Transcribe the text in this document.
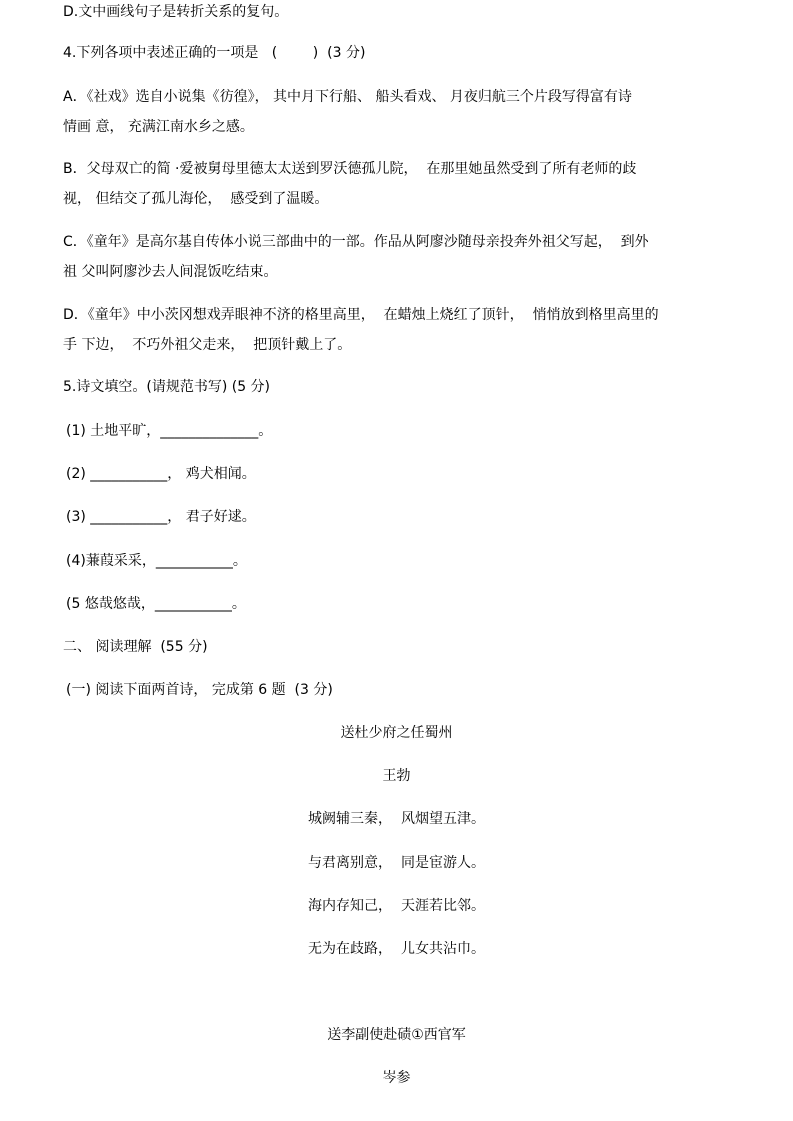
D.文中画线句子是转折关系的复句。
4.下列各项中表述正确的一项是   (        )  (3 分)
A．《社戏》选自小说集《彷徨》， 其中月下行船、 船头看戏、 月夜归航三个片段写得富有诗
情画 意， 充满江南水乡之感。
B．父母双亡的简 ·爱被舅母里德太太送到罗沃德孤儿院，  在那里她虽然受到了所有老师的歧
视， 但结交了孤儿海伦，  感受到了温暖。
C．《童年》是高尔基自传体小说三部曲中的一部。作品从阿廖沙随母亲投奔外祖父写起，  到外
祖 父叫阿廖沙去人间混饭吃结束。
D．《童年》中小茨冈想戏弄眼神不济的格里高里，  在蜡烛上烧红了顶针，  悄悄放到格里高里的
手 下边，  不巧外祖父走来，  把顶针戴上了。
5.诗文填空。(请规范书写) (5 分)
(1) 土地平旷，______________。
(2) ___________， 鸡犬相闻。
(3) ___________， 君子好逑。
(4)蒹葭采采，___________。
(5 悠哉悠哉，___________。
二、 阅读理解  (55 分)
(一) 阅读下面两首诗， 完成第 6 题  (3 分)
送杜少府之任蜀州
王勃
城阙辅三秦，  风烟望五津。
与君离别意，  同是宦游人。
海内存知己，  天涯若比邻。
无为在歧路，  儿女共沾巾。
送李副使赴碛①西官军
岑参
